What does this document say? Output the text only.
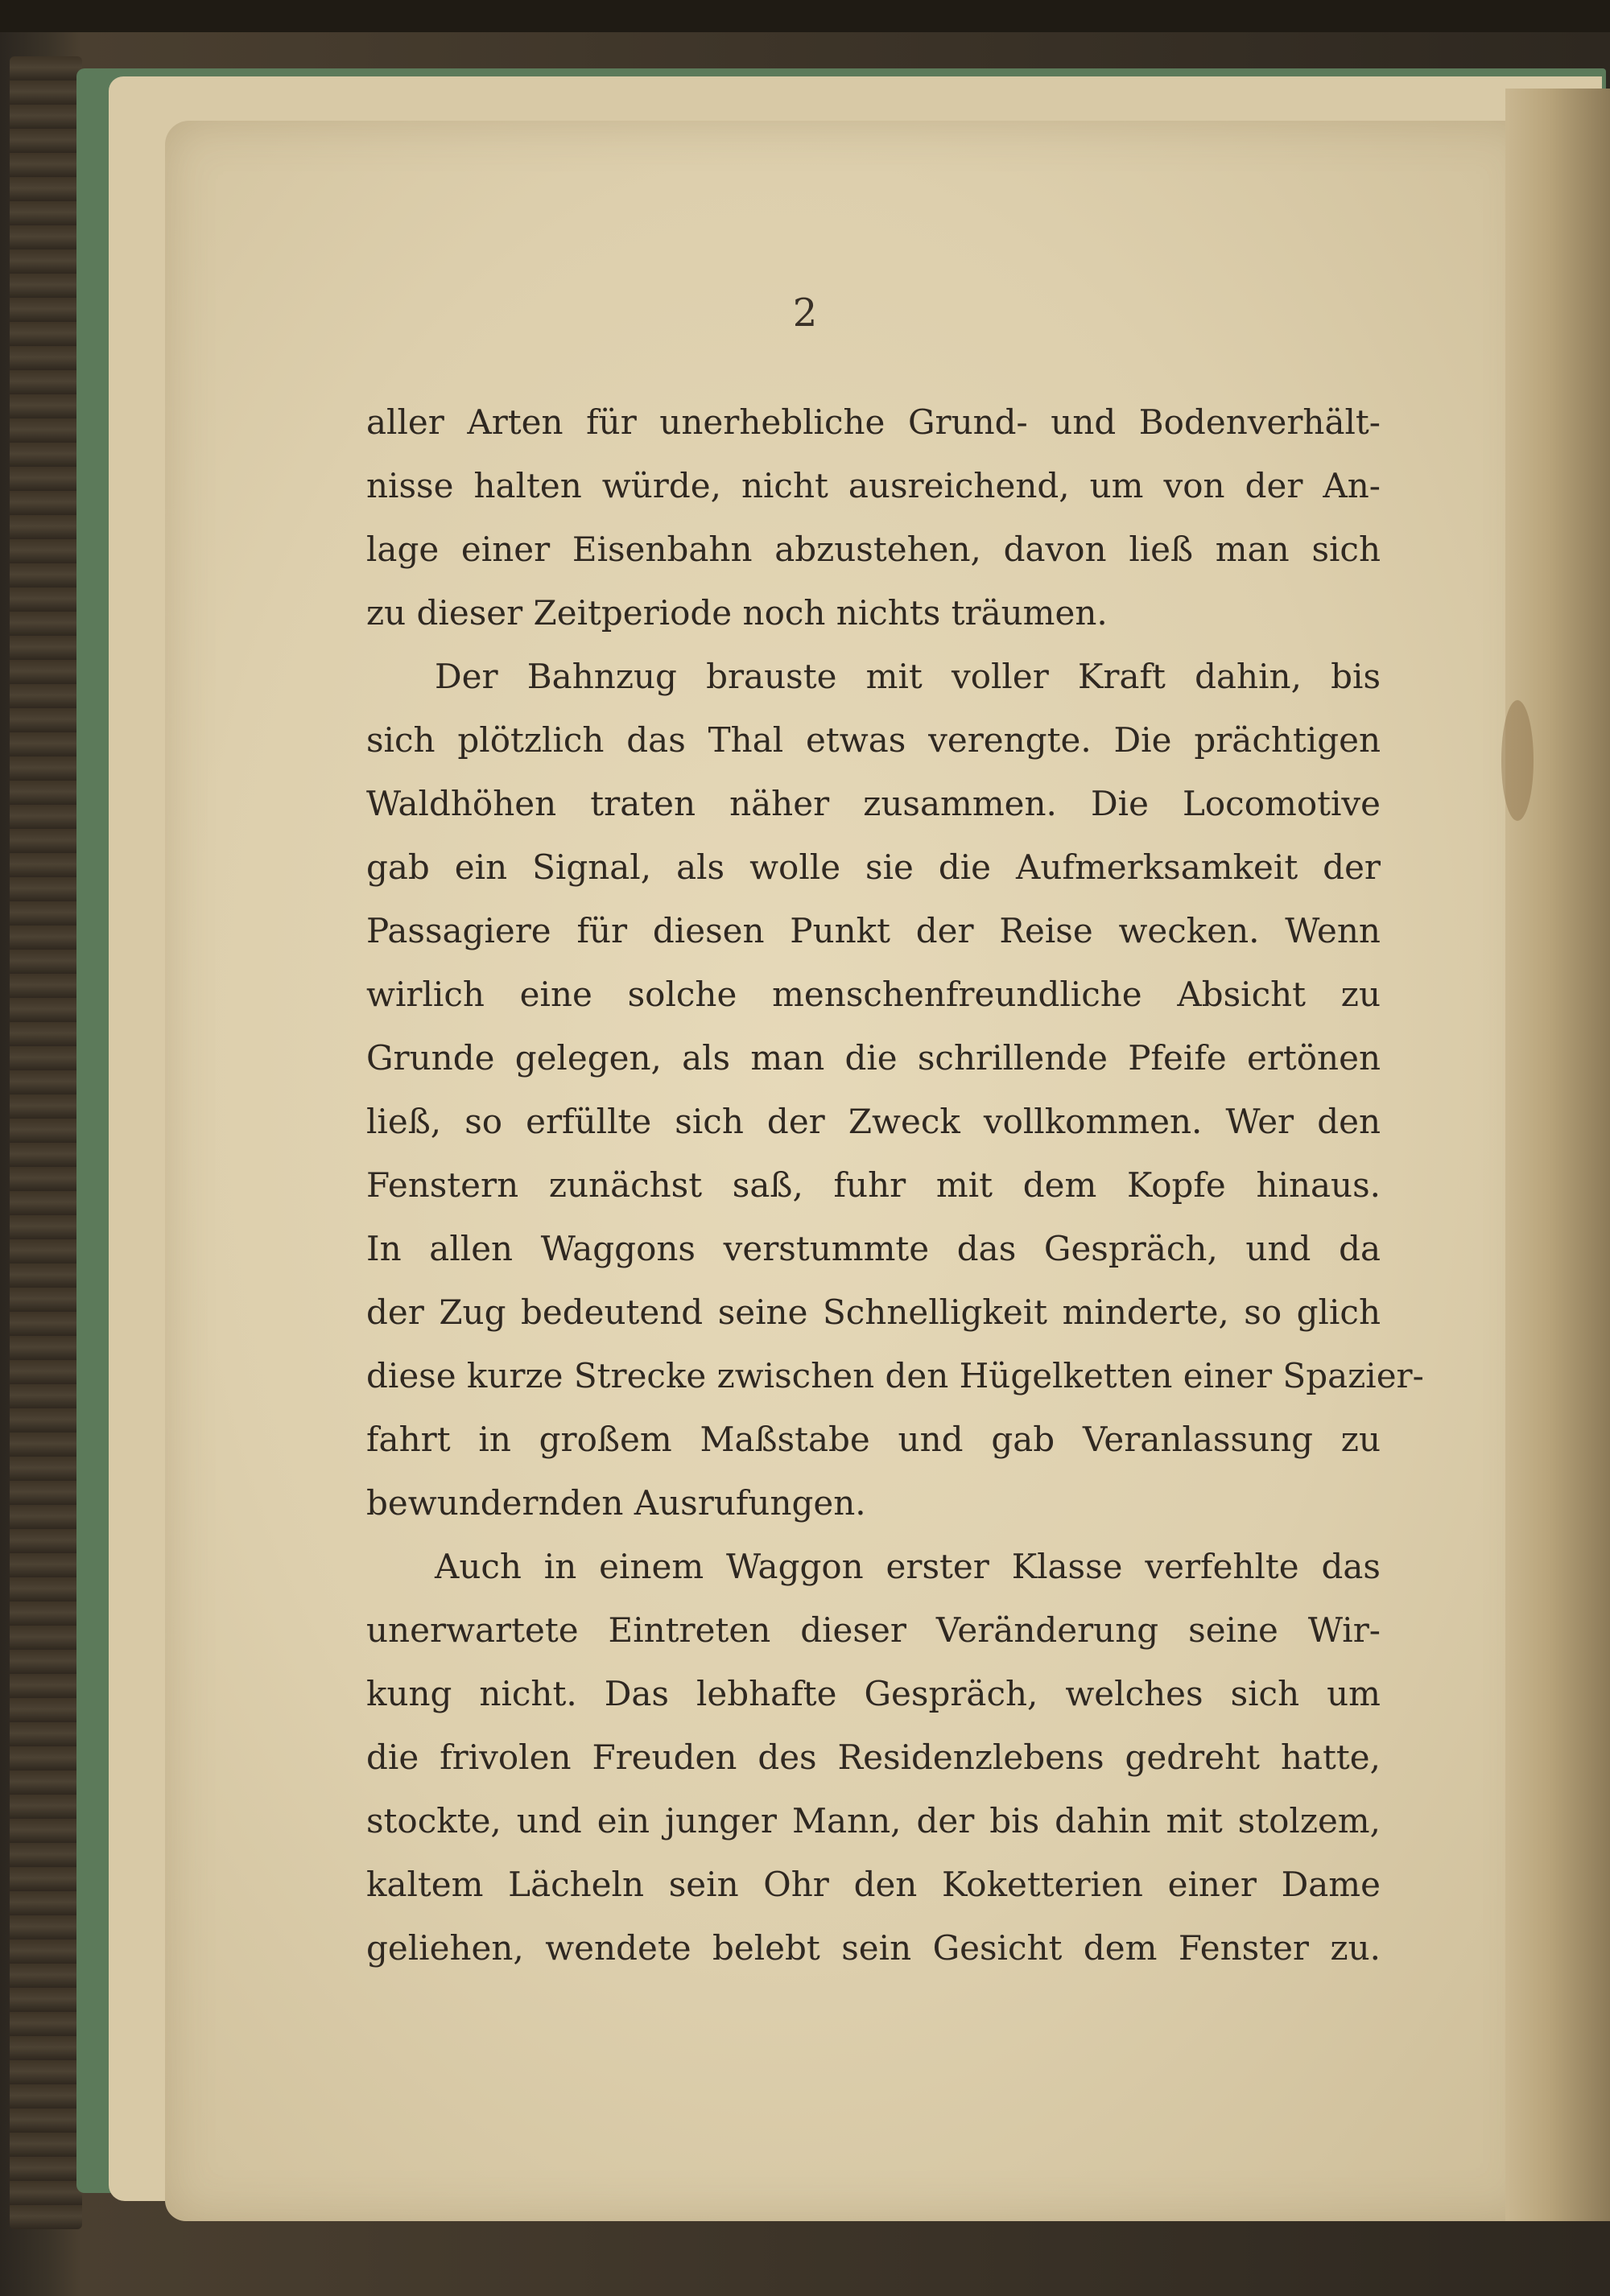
2
aller Arten für unerhebliche Grund- und Bodenverhält-
nisse halten würde, nicht ausreichend, um von der An-
lage einer Eisenbahn abzustehen, davon ließ man sich
zu dieser Zeitperiode noch nichts träumen.
Der Bahnzug brauste mit voller Kraft dahin, bis
sich plötzlich das Thal etwas verengte. Die prächtigen
Waldhöhen traten näher zusammen. Die Locomotive
gab ein Signal, als wolle sie die Aufmerksamkeit der
Passagiere für diesen Punkt der Reise wecken. Wenn
wirlich eine solche menschenfreundliche Absicht zu
Grunde gelegen, als man die schrillende Pfeife ertönen
ließ, so erfüllte sich der Zweck vollkommen. Wer den
Fenstern zunächst saß, fuhr mit dem Kopfe hinaus.
In allen Waggons verstummte das Gespräch, und da
der Zug bedeutend seine Schnelligkeit minderte, so glich
diese kurze Strecke zwischen den Hügelketten einer Spazier-
fahrt in großem Maßstabe und gab Veranlassung zu
bewundernden Ausrufungen.
Auch in einem Waggon erster Klasse verfehlte das
unerwartete Eintreten dieser Veränderung seine Wir-
kung nicht. Das lebhafte Gespräch, welches sich um
die frivolen Freuden des Residenzlebens gedreht hatte,
stockte, und ein junger Mann, der bis dahin mit stolzem,
kaltem Lächeln sein Ohr den Koketterien einer Dame
geliehen, wendete belebt sein Gesicht dem Fenster zu.
